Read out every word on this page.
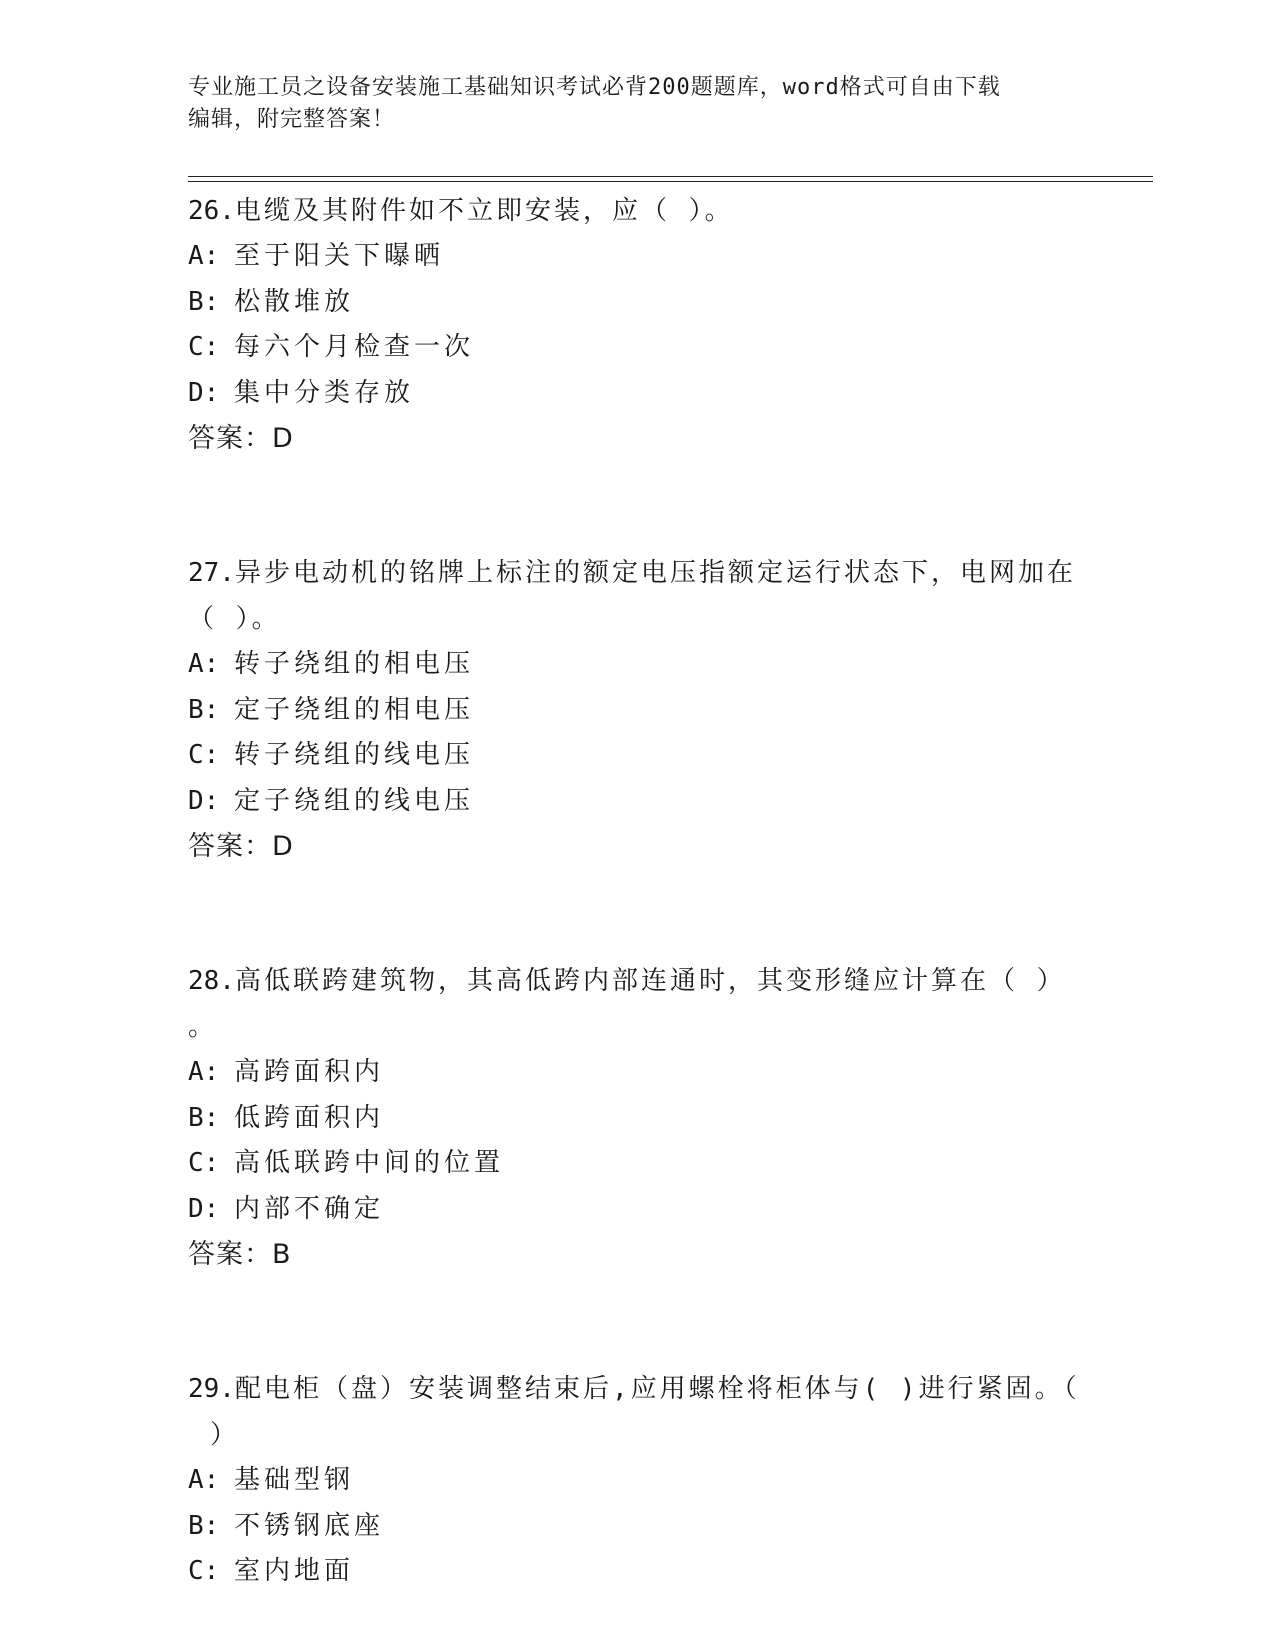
专业施工员之设备安装施工基础知识考试必背200题题库，word格式可自由下载
编辑，附完整答案！
26.电缆及其附件如不立即安装，应（ ）。
A: 至于阳关下曝晒
B: 松散堆放
C: 每六个月检查一次
D: 集中分类存放
答案：D
27.异步电动机的铭牌上标注的额定电压指额定运行状态下，电网加在
（ ）。
A: 转子绕组的相电压
B: 定子绕组的相电压
C: 转子绕组的线电压
D: 定子绕组的线电压
答案：D
28.高低联跨建筑物，其高低跨内部连通时，其变形缝应计算在（ ）
。
A: 高跨面积内
B: 低跨面积内
C: 高低联跨中间的位置
D: 内部不确定
答案：B
29.配电柜（盘）安装调整结束后,应用螺栓将柜体与( )进行紧固。（
）
A: 基础型钢
B: 不锈钢底座
C: 室内地面
